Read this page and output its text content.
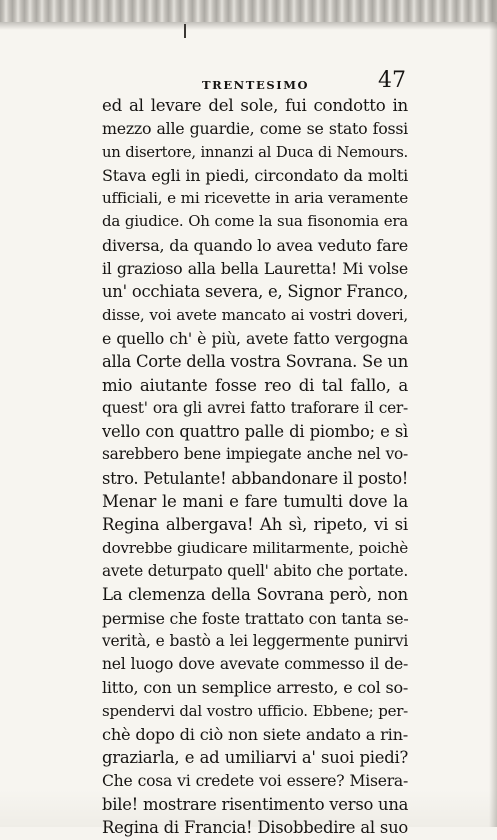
TRENTESIMO	47
ed al levare del sole, fui condotto in
mezzo alle guardie, come se stato fossi
un disertore, innanzi al Duca di Nemours.
Stava egli in piedi, circondato da molti
ufficiali, e mi ricevette in aria veramente
da giudice. Oh come la sua fisonomia era
diversa, da quando lo avea veduto fare
il grazioso alla bella Lauretta! Mi volse
un' occhiata severa, e, Signor Franco,
disse, voi avete mancato ai vostri doveri,
e quello ch' è più, avete fatto vergogna
alla Corte della vostra Sovrana. Se un
mio aiutante fosse reo di tal fallo, a
quest' ora gli avrei fatto traforare il cer-
vello con quattro palle di piombo; e sì
sarebbero bene impiegate anche nel vo-
stro. Petulante! abbandonare il posto!
Menar le mani e fare tumulti dove la
Regina albergava! Ah sì, ripeto, vi si
dovrebbe giudicare militarmente, poichè
avete deturpato quell' abito che portate.
La clemenza della Sovrana però, non
permise che foste trattato con tanta se-
verità, e bastò a lei leggermente punirvi
nel luogo dove avevate commesso il de-
litto, con un semplice arresto, e col so-
spendervi dal vostro ufficio. Ebbene; per-
chè dopo di ciò non siete andato a rin-
graziarla, e ad umiliarvi a' suoi piedi?
Che cosa vi credete voi essere? Misera-
bile! mostrare risentimento verso una
Regina di Francia! Disobbedire al suo
